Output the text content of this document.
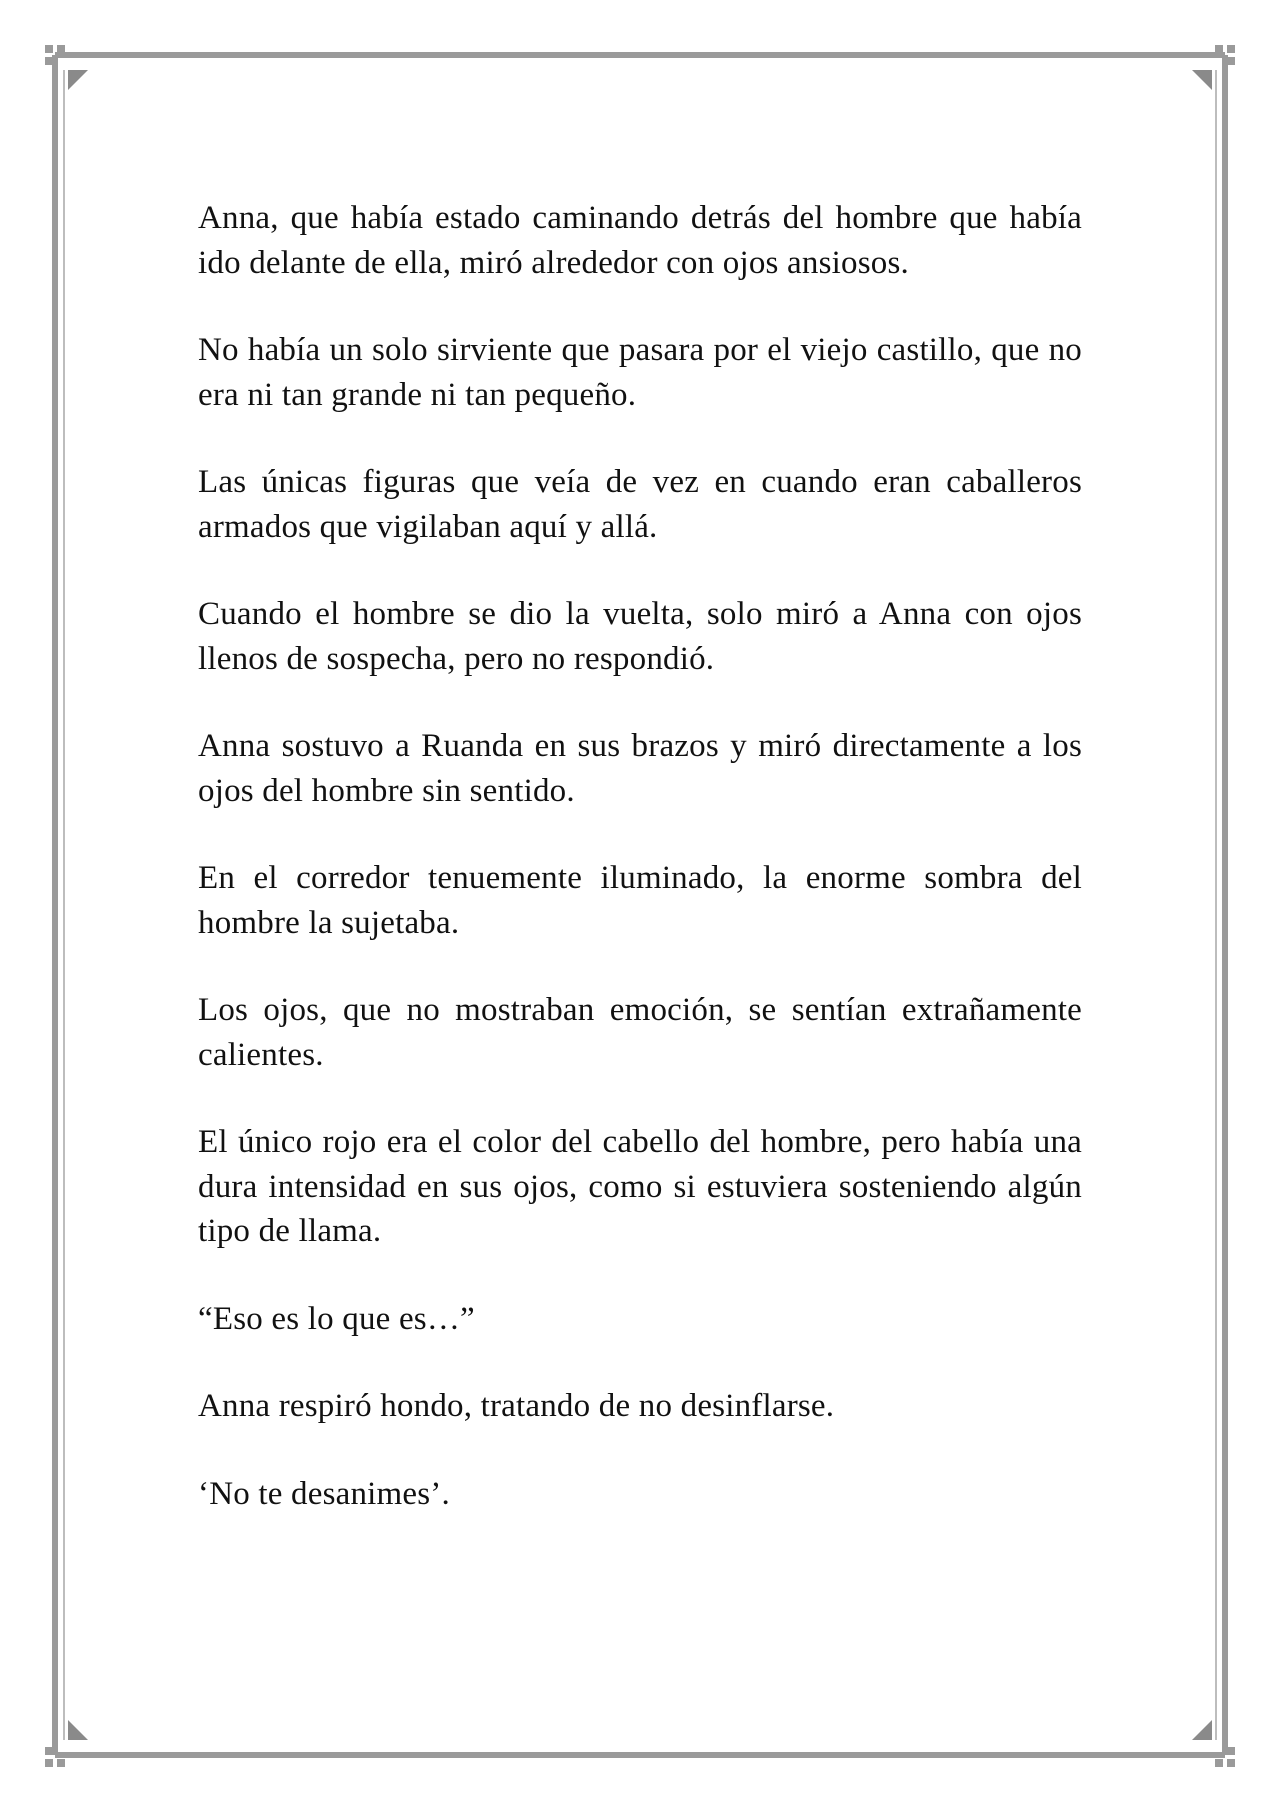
Anna, que había estado caminando detrás del hombre que había ido delante de ella, miró alrededor con ojos ansiosos.

No había un solo sirviente que pasara por el viejo castillo, que no era ni tan grande ni tan pequeño.

Las únicas figuras que veía de vez en cuando eran caballeros armados que vigilaban aquí y allá.

Cuando el hombre se dio la vuelta, solo miró a Anna con ojos llenos de sospecha, pero no respondió.

Anna sostuvo a Ruanda en sus brazos y miró directamente a los ojos del hombre sin sentido.

En el corredor tenuemente iluminado, la enorme sombra del hombre la sujetaba.

Los ojos, que no mostraban emoción, se sentían extrañamente calientes.

El único rojo era el color del cabello del hombre, pero había una dura intensidad en sus ojos, como si estuviera sosteniendo algún tipo de llama.

“Eso es lo que es…”

Anna respiró hondo, tratando de no desinflarse.

‘No te desanimes’.
